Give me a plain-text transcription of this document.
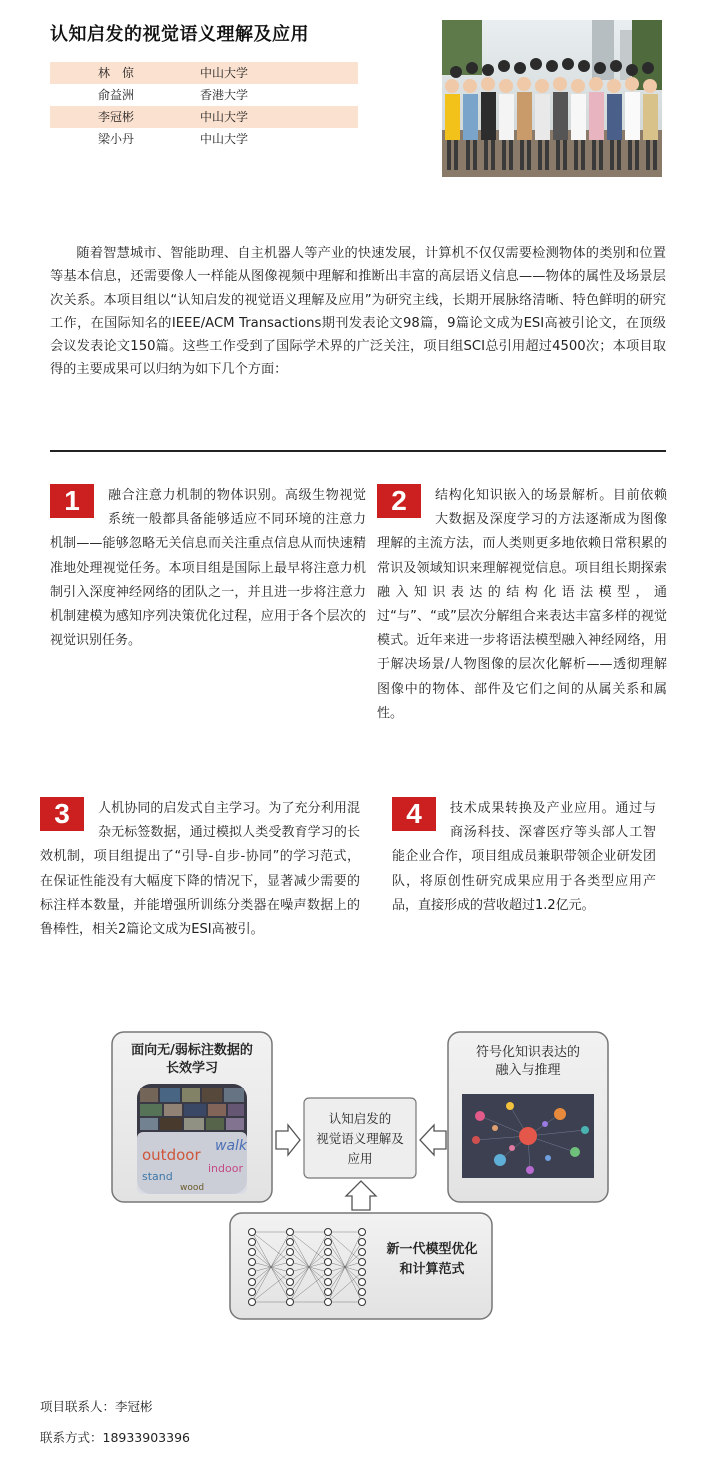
认知启发的视觉语义理解及应用
林　倞	中山大学
俞益洲	香港大学
李冠彬	中山大学
梁小丹	中山大学

随着智慧城市、智能助理、自主机器人等产业的快速发展，计算机不仅仅需要检测物体的类别和位置等基本信息，还需要像人一样能从图像视频中理解和推断出丰富的高层语义信息——物体的属性及场景层次关系。本项目组以“认知启发的视觉语义理解及应用”为研究主线，长期开展脉络清晰、特色鲜明的研究工作，在国际知名的IEEE/ACM Transactions期刊发表论文98篇，9篇论文成为ESI高被引论文，在顶级会议发表论文150篇。这些工作受到了国际学术界的广泛关注，项目组SCI总引用超过4500次；本项目取得的主要成果可以归纳为如下几个方面：

1	融合注意力机制的物体识别。高级生物视觉系统一般都具备能够适应不同环境的注意力机制——能够忽略无关信息而关注重点信息从而快速精准地处理视觉任务。本项目组是国际上最早将注意力机制引入深度神经网络的团队之一，并且进一步将注意力机制建模为感知序列决策优化过程，应用于各个层次的视觉识别任务。
2	结构化知识嵌入的场景解析。目前依赖大数据及深度学习的方法逐渐成为图像理解的主流方法，而人类则更多地依赖日常积累的常识及领域知识来理解视觉信息。项目组长期探索融入知识表达的结构化语法模型，通过“与”、“或”层次分解组合来表达丰富多样的视觉模式。近年来进一步将语法模型融入神经网络，用于解决场景/人物图像的层次化解析——透彻理解图像中的物体、部件及它们之间的从属关系和属性。
3	人机协同的启发式自主学习。为了充分利用混杂无标签数据，通过模拟人类受教育学习的长效机制，项目组提出了“引导-自步-协同”的学习范式，在保证性能没有大幅度下降的情况下，显著减少需要的标注样本数量，并能增强所训练分类器在噪声数据上的鲁棒性，相关2篇论文成为ESI高被引。
4	技术成果转换及产业应用。通过与商汤科技、深睿医疗等头部人工智能企业合作，项目组成员兼职带领企业研发团队，将原创性研究成果应用于各类型应用产品，直接形成的营收超过1.2亿元。
面向无/弱标注数据的
长效学习
walk
outdoor
indoor
stand
wood
认知启发的
视觉语义理解及
应用
符号化知识表达的
融入与推理
新一代模型优化
和计算范式
项目联系人：李冠彬
联系方式：18933903396
